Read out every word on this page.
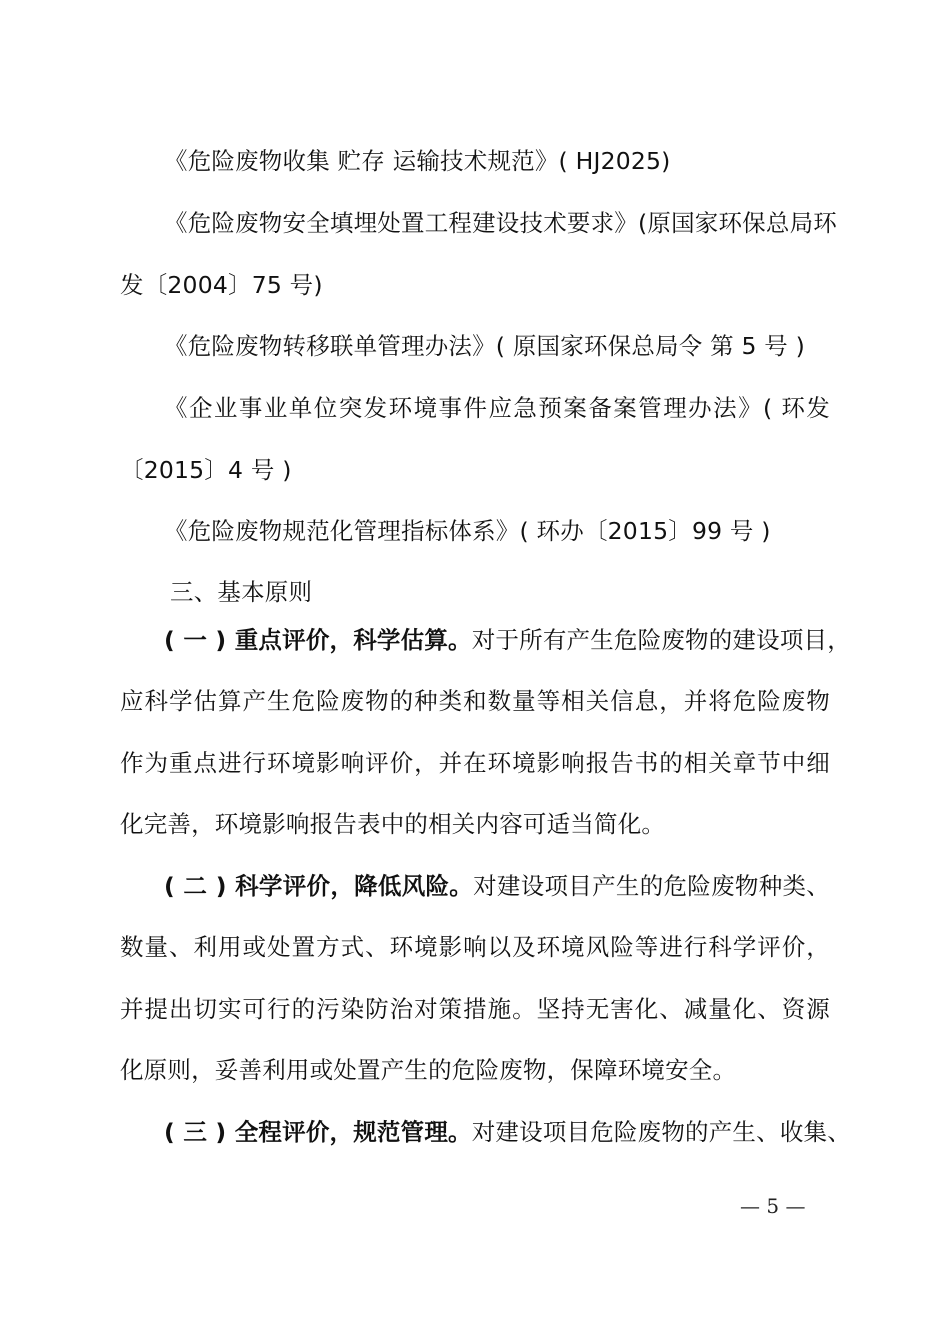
《危险废物收集 贮存 运输技术规范》( HJ2025)
《危险废物安全填埋处置工程建设技术要求》(原国家环保总局环
发〔2004〕75 号)
《危险废物转移联单管理办法》( 原国家环保总局令 第 5 号 )
《企业事业单位突发环境事件应急预案备案管理办法》( 环发
〔2015〕4 号 )
《危险废物规范化管理指标体系》( 环办〔2015〕99 号 )
三、基本原则
( 一 ) 重点评价，科学估算。对于所有产生危险废物的建设项目，
应科学估算产生危险废物的种类和数量等相关信息，并将危险废物
作为重点进行环境影响评价，并在环境影响报告书的相关章节中细
化完善，环境影响报告表中的相关内容可适当简化。
( 二 ) 科学评价，降低风险。对建设项目产生的危险废物种类、
数量、利用或处置方式、环境影响以及环境风险等进行科学评价，
并提出切实可行的污染防治对策措施。坚持无害化、减量化、资源
化原则，妥善利用或处置产生的危险废物，保障环境安全。
( 三 ) 全程评价，规范管理。对建设项目危险废物的产生、收集、
— 5 —
